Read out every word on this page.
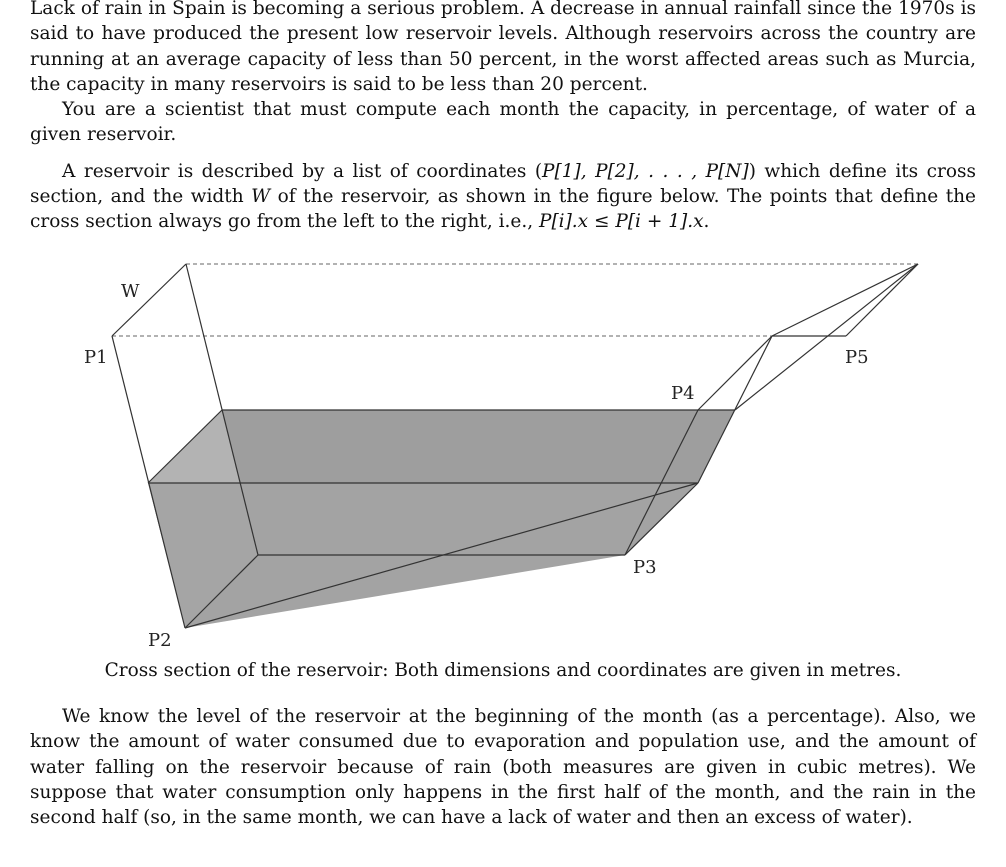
Lack of rain in Spain is becoming a serious problem. A decrease in annual rainfall since the 1970s is said to have produced the present low reservoir levels. Although reservoirs across the country are running at an average capacity of less than 50 percent, in the worst affected areas such as Murcia, the capacity in many reservoirs is said to be less than 20 percent.

You are a scientist that must compute each month the capacity, in percentage, of water of a given reservoir.

A reservoir is described by a list of coordinates (P[1], P[2], . . . , P[N]) which define its cross section, and the width W of the reservoir, as shown in the figure below. The points that define the cross section always go from the left to the right, i.e., P[i].x ≤ P[i + 1].x.

W
P1
P2
P3
P4
P5
Cross section of the reservoir: Both dimensions and coordinates are given in metres.

We know the level of the reservoir at the beginning of the month (as a percentage). Also, we know the amount of water consumed due to evaporation and population use, and the amount of water falling on the reservoir because of rain (both measures are given in cubic metres). We suppose that water consumption only happens in the first half of the month, and the rain in the second half (so, in the same month, we can have a lack of water and then an excess of water).
